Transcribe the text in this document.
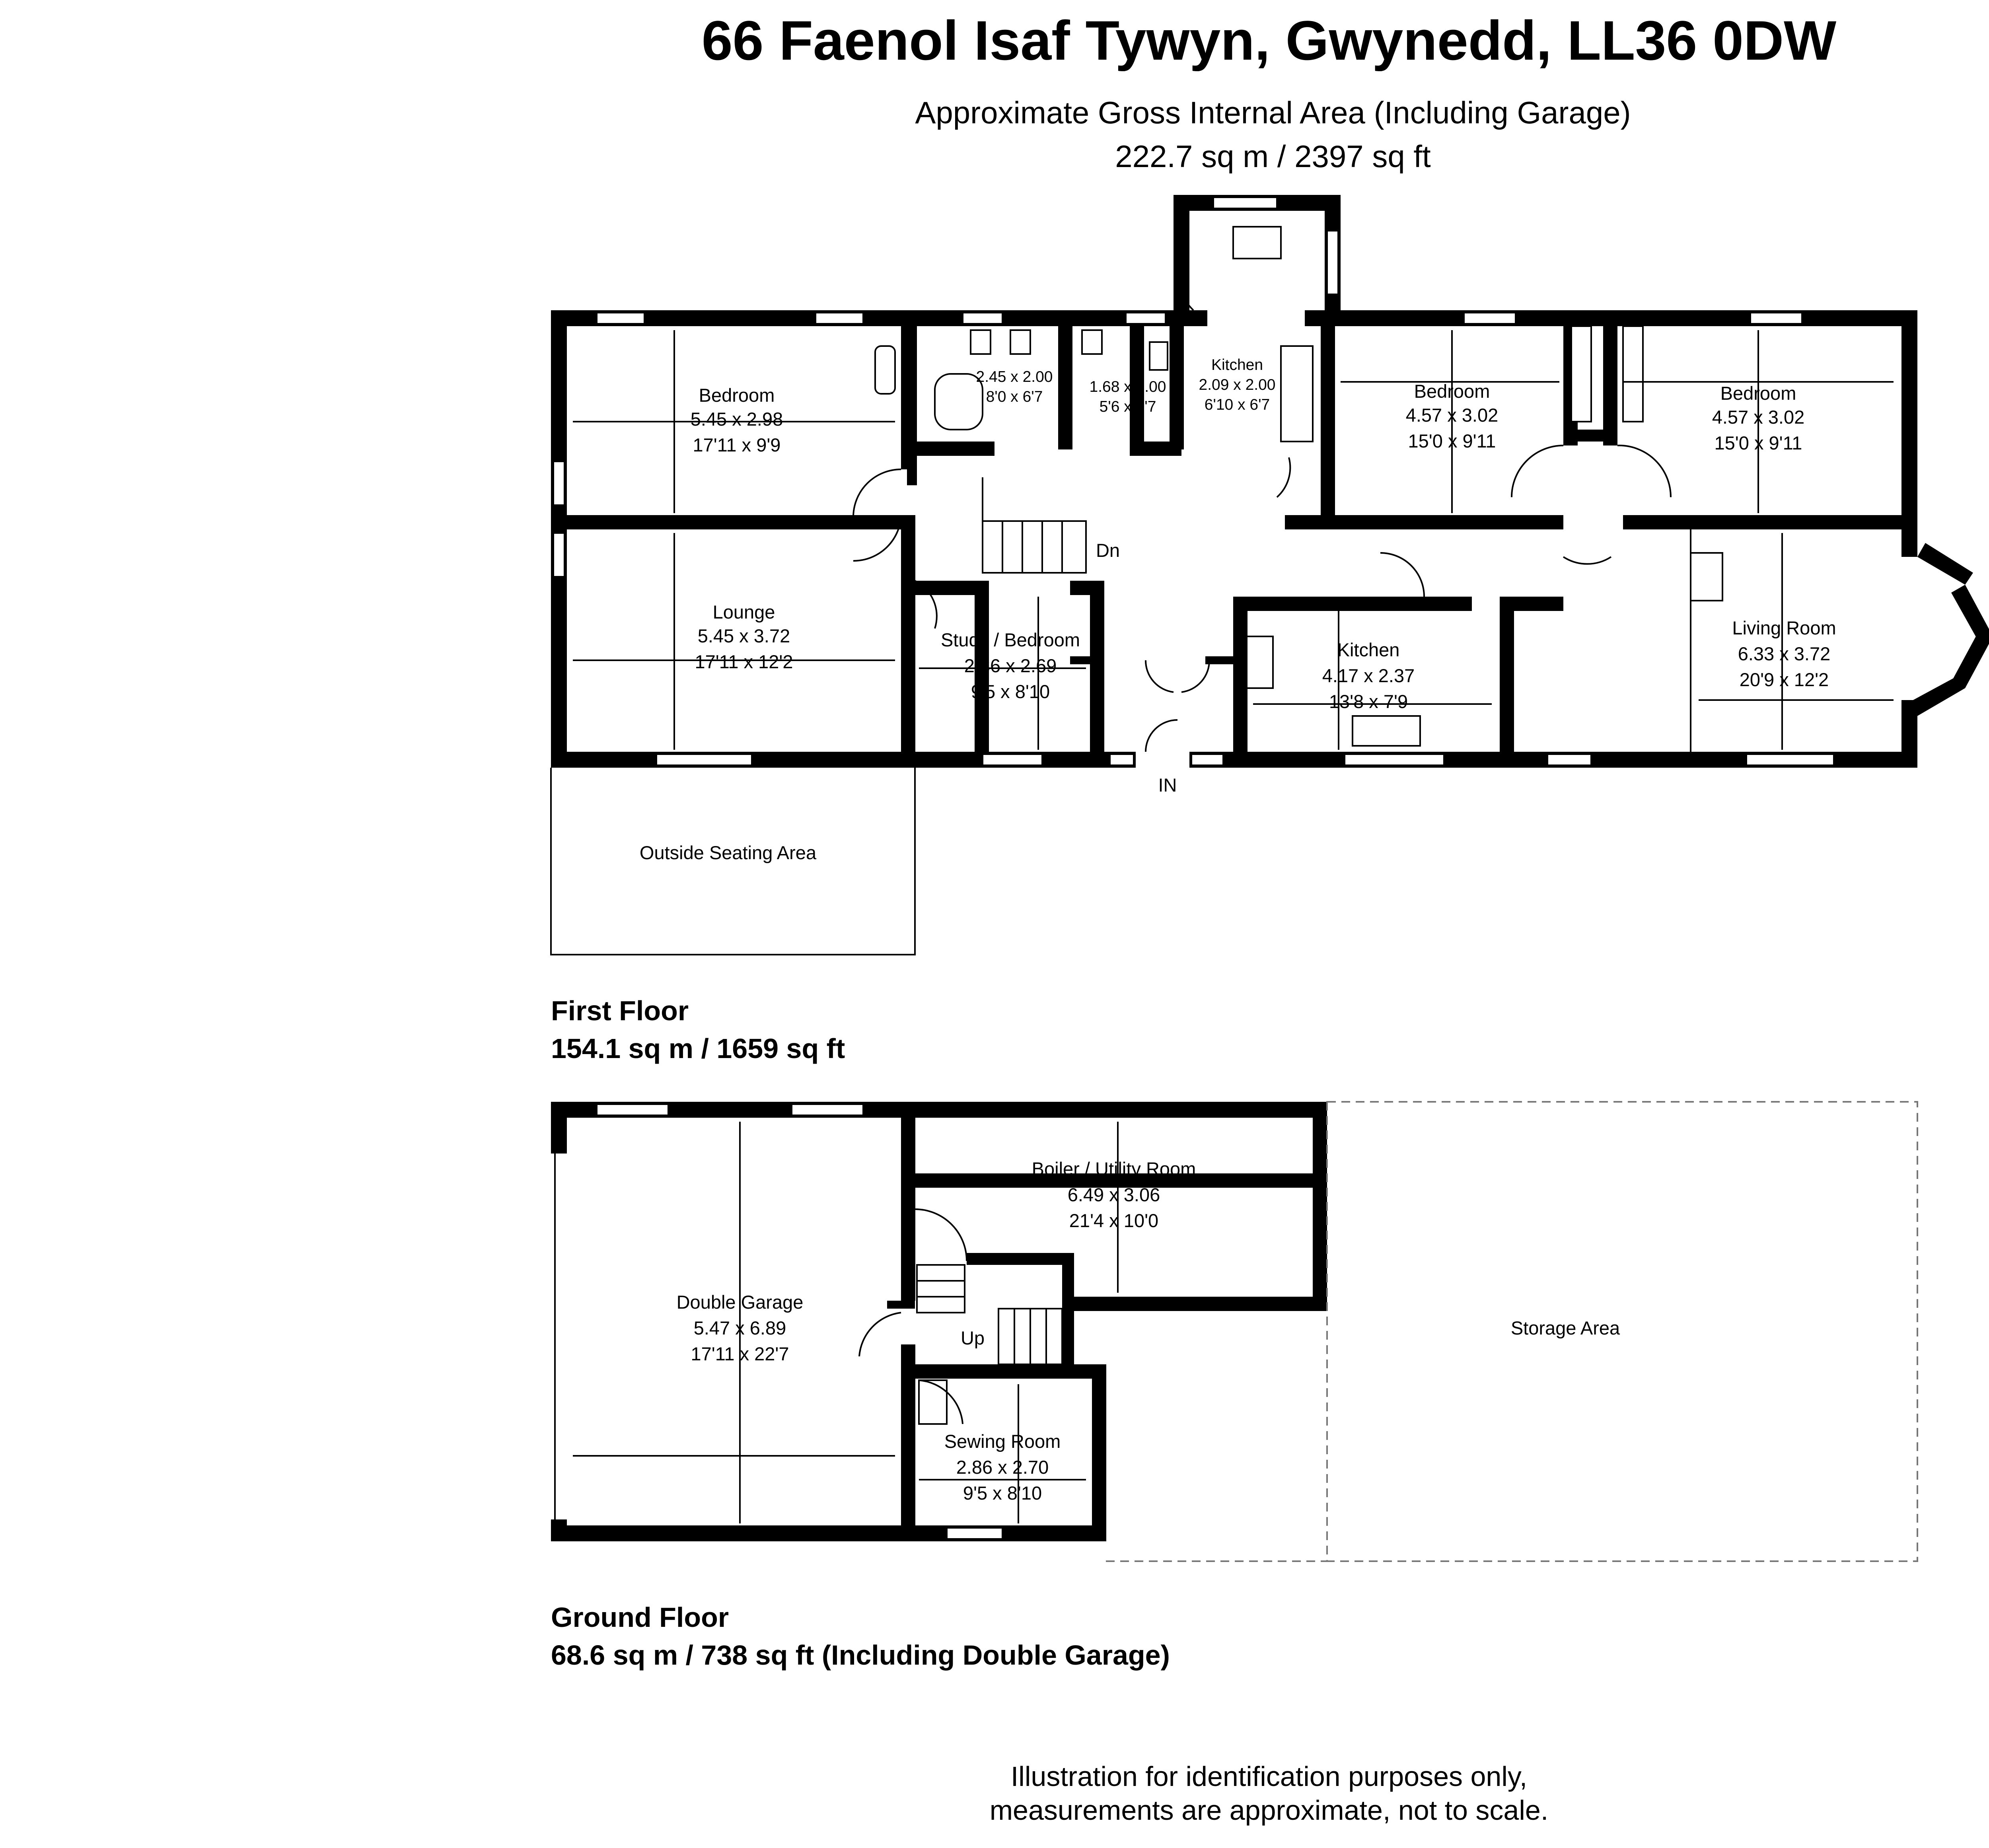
66 Faenol Isaf Tywyn, Gwynedd, LL36 0DW
Approximate Gross Internal Area (Including Garage)
222.7 sq m / 2397 sq ft
Bedroom
5.45 x 2.98
17'11 x 9'9
2.45 x 2.00
8'0 x 6'7
1.68 x 2.00
5'6 x 6'7
Kitchen
2.09 x 2.00
6'10 x 6'7
Bedroom
4.57 x 3.02
15'0 x 9'11
Bedroom
4.57 x 3.02
15'0 x 9'11
Lounge
5.45 x 3.72
17'11 x 12'2
Study / Bedroom
2.86 x 2.69
9'5 x 8'10
Kitchen
4.17 x 2.37
13'8 x 7'9
Living Room
6.33 x 3.72
20'9 x 12'2
Outside Seating Area
Dn
IN
First Floor
154.1 sq m / 1659 sq ft
Double Garage
5.47 x 6.89
17'11 x 22'7
Boiler / Utility Room
6.49 x 3.06
21'4 x 10'0
Sewing Room
2.86 x 2.70
9'5 x 8'10
Storage Area
Up
Ground Floor
68.6 sq m / 738 sq ft (Including Double Garage)
Illustration for identification purposes only,
measurements are approximate, not to scale.
